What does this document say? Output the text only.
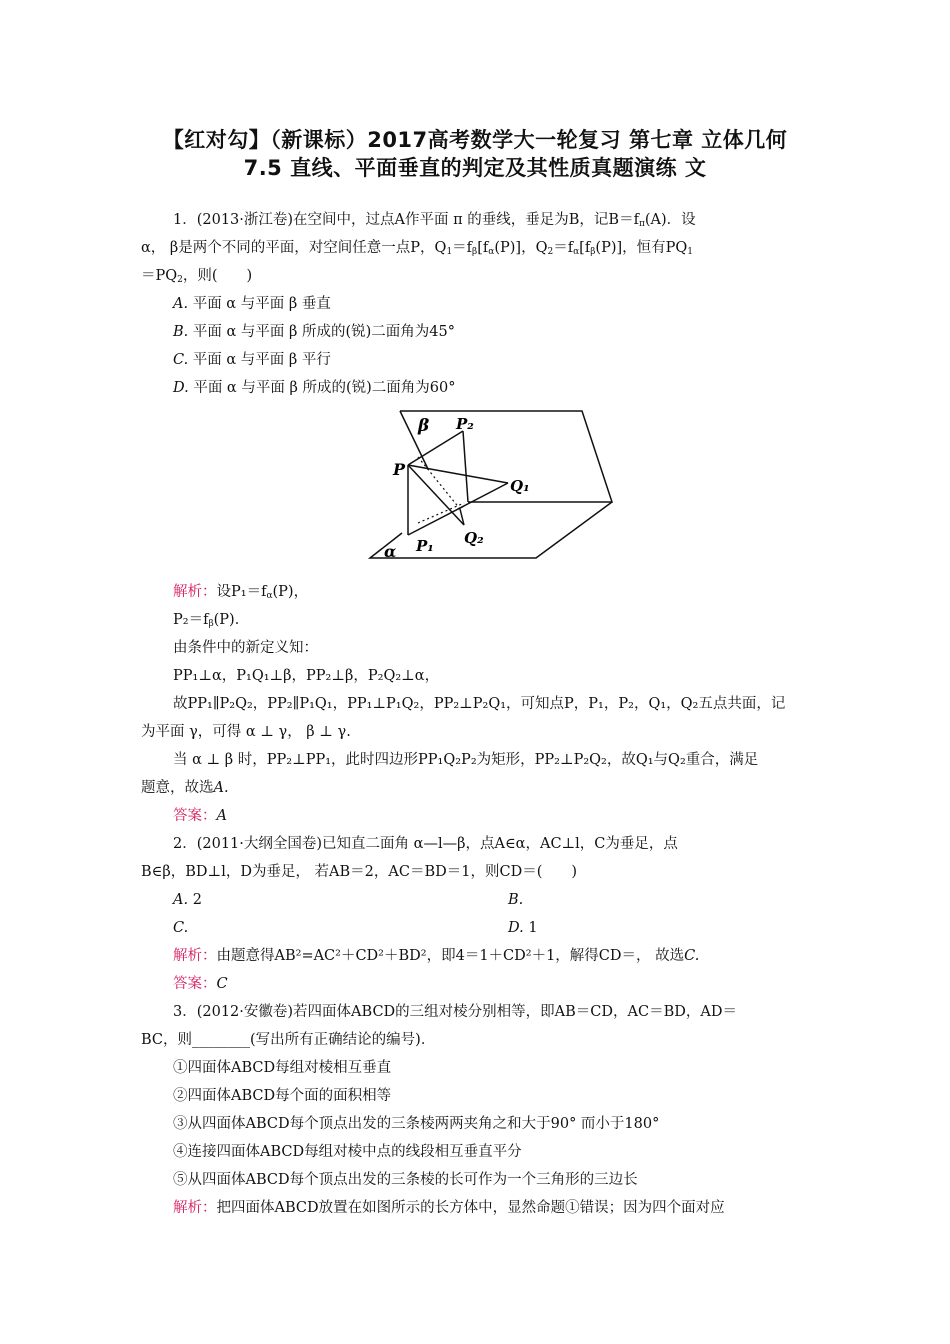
【红对勾】（新课标）2017高考数学大一轮复习 第七章 立体几何
7.5 直线、平面垂直的判定及其性质真题演练 文
1．(2013·浙江卷)在空间中，过点A作平面 π 的垂线，垂足为B，记$B=f_\pi(A)$．设
α， β是两个不同的平面，对空间任意一点P，$Q_1=f_\beta[f_\alpha(P)]$，$Q_2=f_\alpha[f_\beta(P)]$，恒有$PQ_1$
$=PQ_2$，则(　　)
A. 平面 α 与平面 β 垂直
B. 平面 α 与平面 β 所成的(锐)二面角为45°
C. 平面 α 与平面 β 平行
D. 平面 α 与平面 β 所成的(锐)二面角为60°
β P₂
P
Q₁
Q₂
P₁
α
解析：设$P_1=f_\alpha(P)$，
$P_2=f_\beta(P)$．
由条件中的新定义知：
PP₁⊥α，P₁Q₁⊥β，PP₂⊥β，P₂Q₂⊥α，
故PP₁∥P₂Q₂，PP₂∥P₁Q₁，PP₁⊥P₁Q₂，PP₂⊥P₂Q₁，可知点P，P₁，P₂，Q₁，Q₂五点共面，记
为平面 γ，可得 α ⊥ γ， β ⊥ γ.
当 α ⊥ β 时，PP₂⊥PP₁，此时四边形PP₁Q₂P₂为矩形，PP₂⊥P₂Q₂，故Q₁与Q₂重合，满足
题意，故选A.
答案：A
2．(2011·大纲全国卷)已知直二面角 α—l—β，点A∈α，AC⊥l，C为垂足，点
B∈β，BD⊥l，D为垂足， 若AB＝2，AC＝BD＝1，则CD＝(　　)
A. 2	B.
C.	D. 1
解析：由题意得AB²=AC²＋CD²＋BD²，即4＝1＋CD²＋1，解得CD＝， 故选C.
答案：C
3．(2012·安徽卷)若四面体ABCD的三组对棱分别相等，即AB＝CD，AC＝BD，AD＝
BC，则________(写出所有正确结论的编号)．
①四面体ABCD每组对棱相互垂直
②四面体ABCD每个面的面积相等
③从四面体ABCD每个顶点出发的三条棱两两夹角之和大于90° 而小于180°
④连接四面体ABCD每组对棱中点的线段相互垂直平分
⑤从四面体ABCD每个顶点出发的三条棱的长可作为一个三角形的三边长
解析：把四面体ABCD放置在如图所示的长方体中，显然命题①错误；因为四个面对应
